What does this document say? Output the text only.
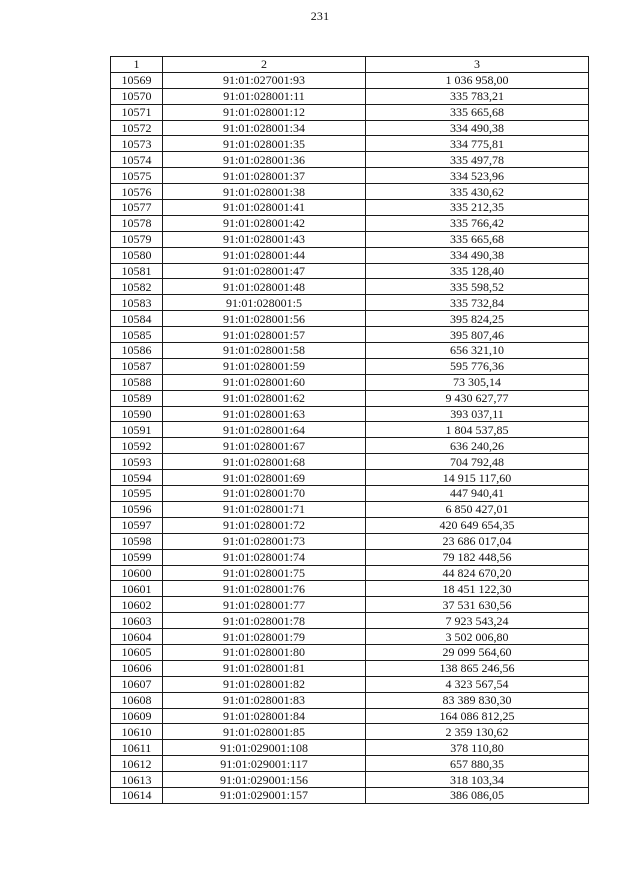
231
1	2	3
10569	91:01:027001:93	1 036 958,00
10570	91:01:028001:11	335 783,21
10571	91:01:028001:12	335 665,68
10572	91:01:028001:34	334 490,38
10573	91:01:028001:35	334 775,81
10574	91:01:028001:36	335 497,78
10575	91:01:028001:37	334 523,96
10576	91:01:028001:38	335 430,62
10577	91:01:028001:41	335 212,35
10578	91:01:028001:42	335 766,42
10579	91:01:028001:43	335 665,68
10580	91:01:028001:44	334 490,38
10581	91:01:028001:47	335 128,40
10582	91:01:028001:48	335 598,52
10583	91:01:028001:5	335 732,84
10584	91:01:028001:56	395 824,25
10585	91:01:028001:57	395 807,46
10586	91:01:028001:58	656 321,10
10587	91:01:028001:59	595 776,36
10588	91:01:028001:60	73 305,14
10589	91:01:028001:62	9 430 627,77
10590	91:01:028001:63	393 037,11
10591	91:01:028001:64	1 804 537,85
10592	91:01:028001:67	636 240,26
10593	91:01:028001:68	704 792,48
10594	91:01:028001:69	14 915 117,60
10595	91:01:028001:70	447 940,41
10596	91:01:028001:71	6 850 427,01
10597	91:01:028001:72	420 649 654,35
10598	91:01:028001:73	23 686 017,04
10599	91:01:028001:74	79 182 448,56
10600	91:01:028001:75	44 824 670,20
10601	91:01:028001:76	18 451 122,30
10602	91:01:028001:77	37 531 630,56
10603	91:01:028001:78	7 923 543,24
10604	91:01:028001:79	3 502 006,80
10605	91:01:028001:80	29 099 564,60
10606	91:01:028001:81	138 865 246,56
10607	91:01:028001:82	4 323 567,54
10608	91:01:028001:83	83 389 830,30
10609	91:01:028001:84	164 086 812,25
10610	91:01:028001:85	2 359 130,62
10611	91:01:029001:108	378 110,80
10612	91:01:029001:117	657 880,35
10613	91:01:029001:156	318 103,34
10614	91:01:029001:157	386 086,05
